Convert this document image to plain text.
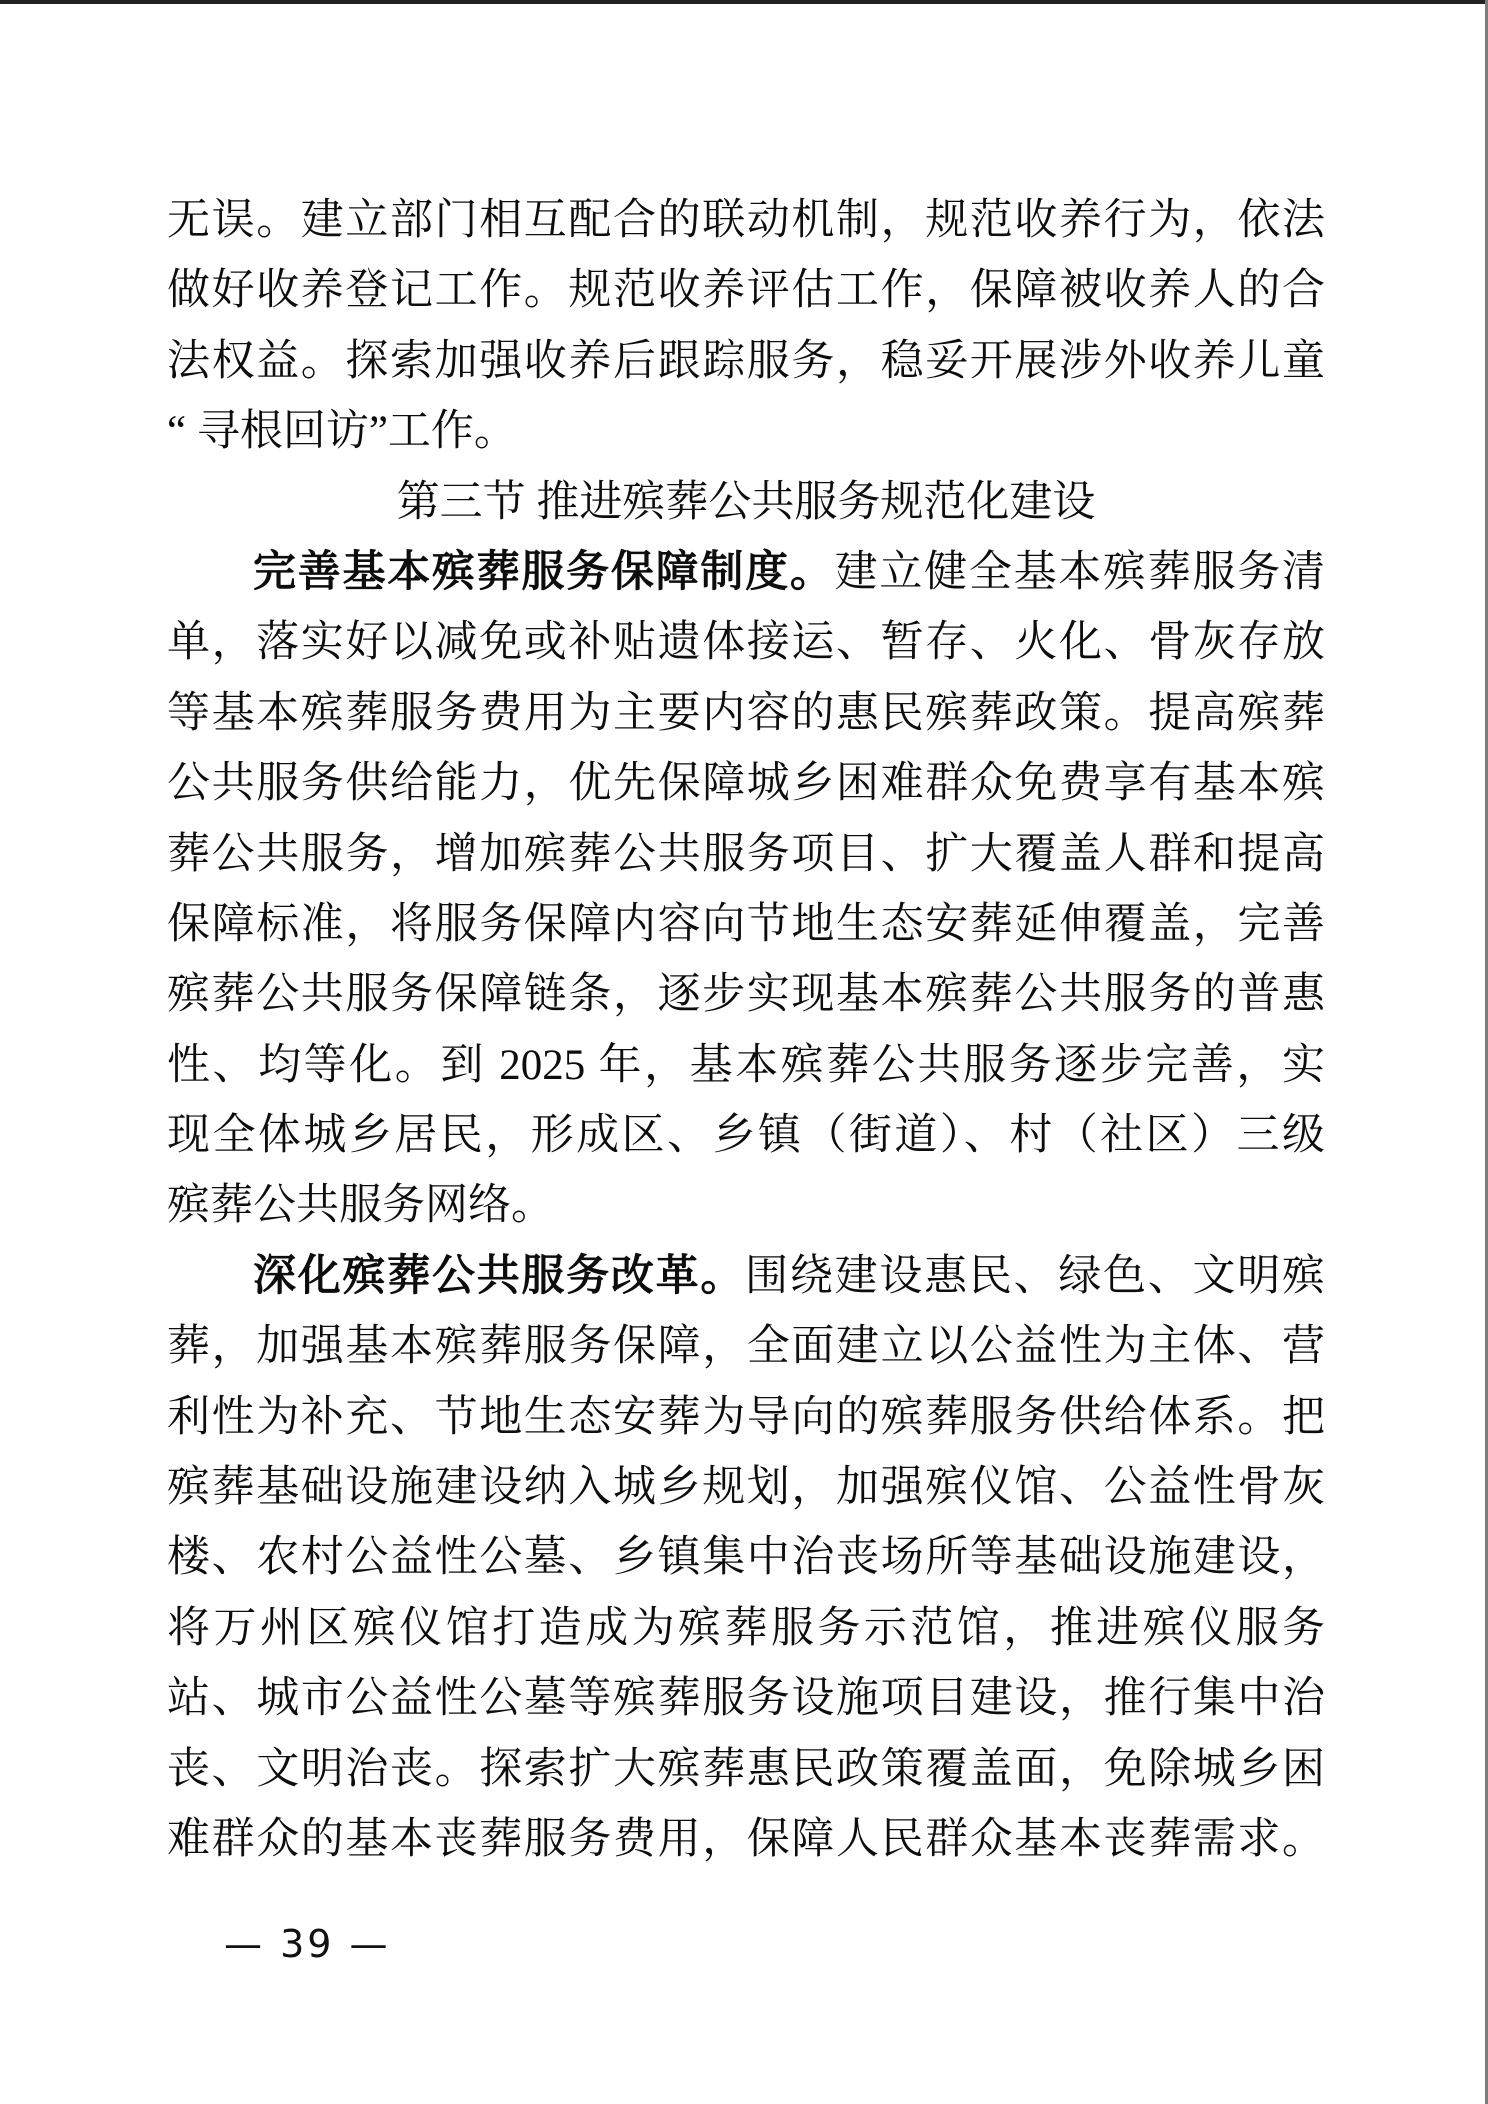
无误。建立部门相互配合的联动机制，规范收养行为，依法
做好收养登记工作。规范收养评估工作，保障被收养人的合
法权益。探索加强收养后跟踪服务，稳妥开展涉外收养儿童
“ 寻根回访”工作。
第三节 推进殡葬公共服务规范化建设
完善基本殡葬服务保障制度。建立健全基本殡葬服务清
单，落实好以减免或补贴遗体接运、暂存、火化、骨灰存放
等基本殡葬服务费用为主要内容的惠民殡葬政策。提高殡葬
公共服务供给能力，优先保障城乡困难群众免费享有基本殡
葬公共服务，增加殡葬公共服务项目、扩大覆盖人群和提高
保障标准，将服务保障内容向节地生态安葬延伸覆盖，完善
殡葬公共服务保障链条，逐步实现基本殡葬公共服务的普惠
性、均等化。到 2025 年，基本殡葬公共服务逐步完善，实
现全体城乡居民，形成区、乡镇（街道）、村（社区）三级
殡葬公共服务网络。
深化殡葬公共服务改革。围绕建设惠民、绿色、文明殡
葬，加强基本殡葬服务保障，全面建立以公益性为主体、营
利性为补充、节地生态安葬为导向的殡葬服务供给体系。把
殡葬基础设施建设纳入城乡规划，加强殡仪馆、公益性骨灰
楼、农村公益性公墓、乡镇集中治丧场所等基础设施建设，
将万州区殡仪馆打造成为殡葬服务示范馆，推进殡仪服务
站、城市公益性公墓等殡葬服务设施项目建设，推行集中治
丧、文明治丧。探索扩大殡葬惠民政策覆盖面，免除城乡困
难群众的基本丧葬服务费用，保障人民群众基本丧葬需求。
— 39 —
